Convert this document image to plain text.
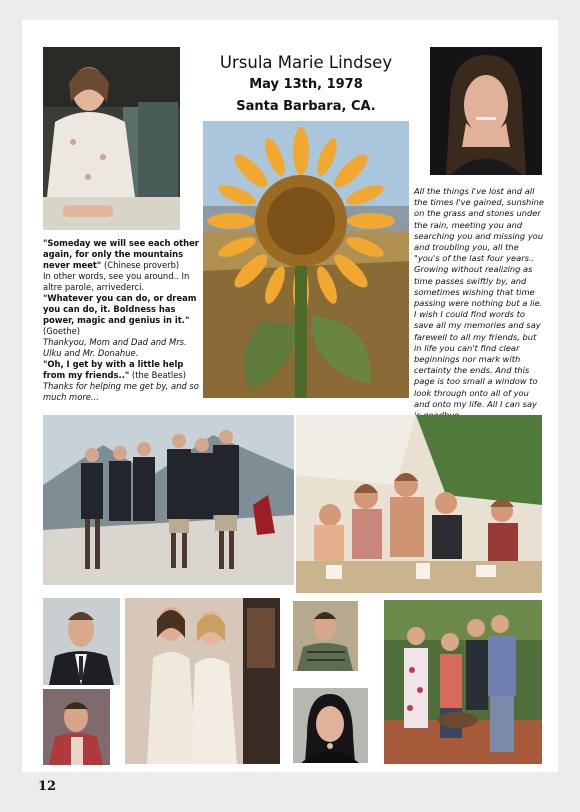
Ursula Marie Lindsey
May 13th, 1978
Santa Barbara, CA.

"Someday we will see each other again, for only the mountains never meet" (Chinese proverb)

In other words, see you around.. In altre parole, arrivederci.

"Whatever you can do, or dream you can do, it. Boldness has power, magic and genius in it." (Goethe)

Thankyou, Mom and Dad and Mrs. Ulku and Mr. Donahue.

"Oh, I get by with a little help from my friends.." (the Beatles)

Thanks for helping me get by, and so much more...

All the things I've lost and all the times I've gained, sunshine on the grass and stones under the rain, meeting you and searching you and missing you and troubling you, all the "you's of the last four years.. Growing without realizing as time passes swiftly by, and sometimes wishing that time passing were nothing but a lie. I wish I could find words to save all my memories and say farewell to all my friends, but in life you can't find clear beginnings nor mark with certainty the ends. And this page is too small a window to look through onto all of you and onto my life. All I can say
12
